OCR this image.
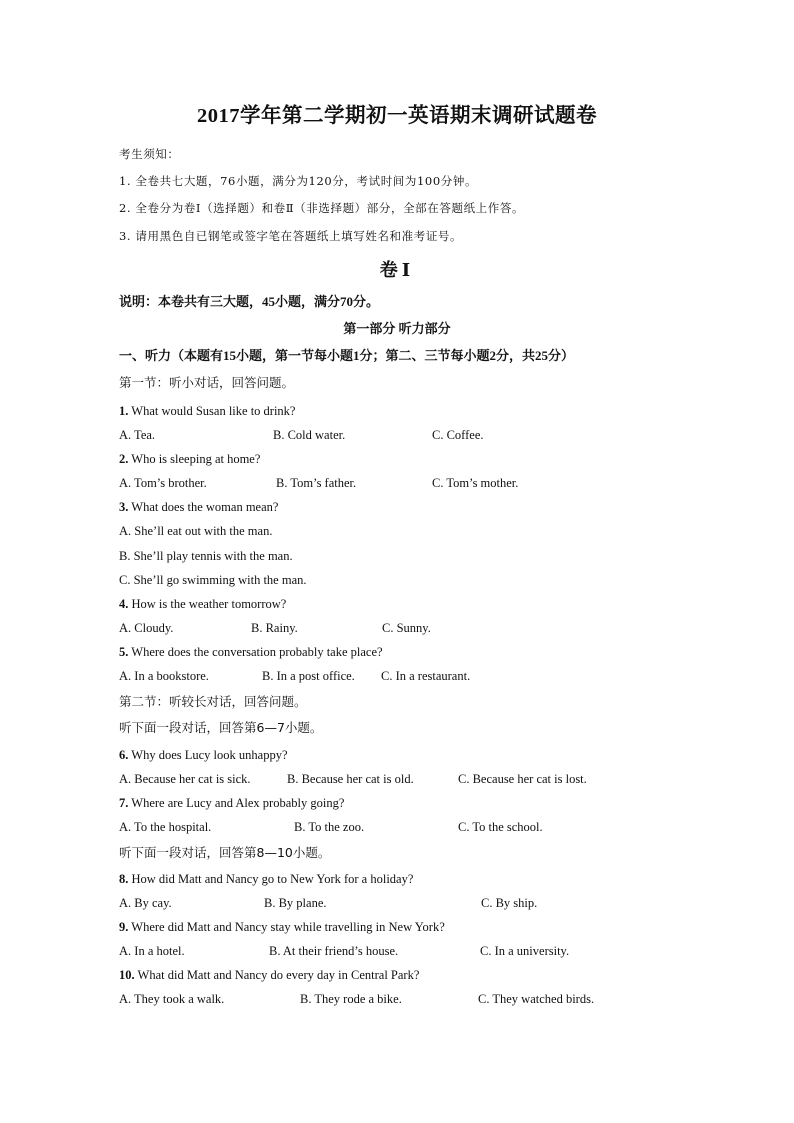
2017学年第二学期初一英语期末调研试题卷
考生须知：
1. 全卷共七大题，76小题，满分为120分，考试时间为100分钟。
2. 全卷分为卷Ⅰ（选择题）和卷Ⅱ（非选择题）部分，全部在答题纸上作答。
3. 请用黑色自已钢笔或签字笔在答题纸上填写姓名和准考证号。
卷Ⅰ
说明：本卷共有三大题，45小题，满分70分。
第一部分 听力部分
一、听力（本题有15小题，第一节每小题1分；第二、三节每小题2分，共25分）
第一节：听小对话，回答问题。
1. What would Susan like to drink?
A. Tea.	B. Cold water.	C. Coffee.
2. Who is sleeping at home?
A. Tom’s brother.	B. Tom’s father.	C. Tom’s mother.
3. What does the woman mean?
A. She’ll eat out with the man.
B. She’ll play tennis with the man.
C. She’ll go swimming with the man.
4. How is the weather tomorrow?
A. Cloudy.	B. Rainy.	C. Sunny.
5. Where does the conversation probably take place?
A. In a bookstore.	B. In a post office. C. In a restaurant.
第二节：听较长对话，回答问题。
听下面一段对话，回答第6—7小题。
6. Why does Lucy look unhappy?
A. Because her cat is sick.	B. Because her cat is old.	C. Because her cat is lost.
7. Where are Lucy and Alex probably going?
A. To the hospital.	B. To the zoo.	C. To the school.
听下面一段对话，回答第8—10小题。
8. How did Matt and Nancy go to New York for a holiday?
A. By cay.	B. By plane.	C. By ship.
9. Where did Matt and Nancy stay while travelling in New York?
A. In a hotel.	B. At their friend’s house.	C. In a university.
10. What did Matt and Nancy do every day in Central Park?
A. They took a walk.	B. They rode a bike.	C. They watched birds.
